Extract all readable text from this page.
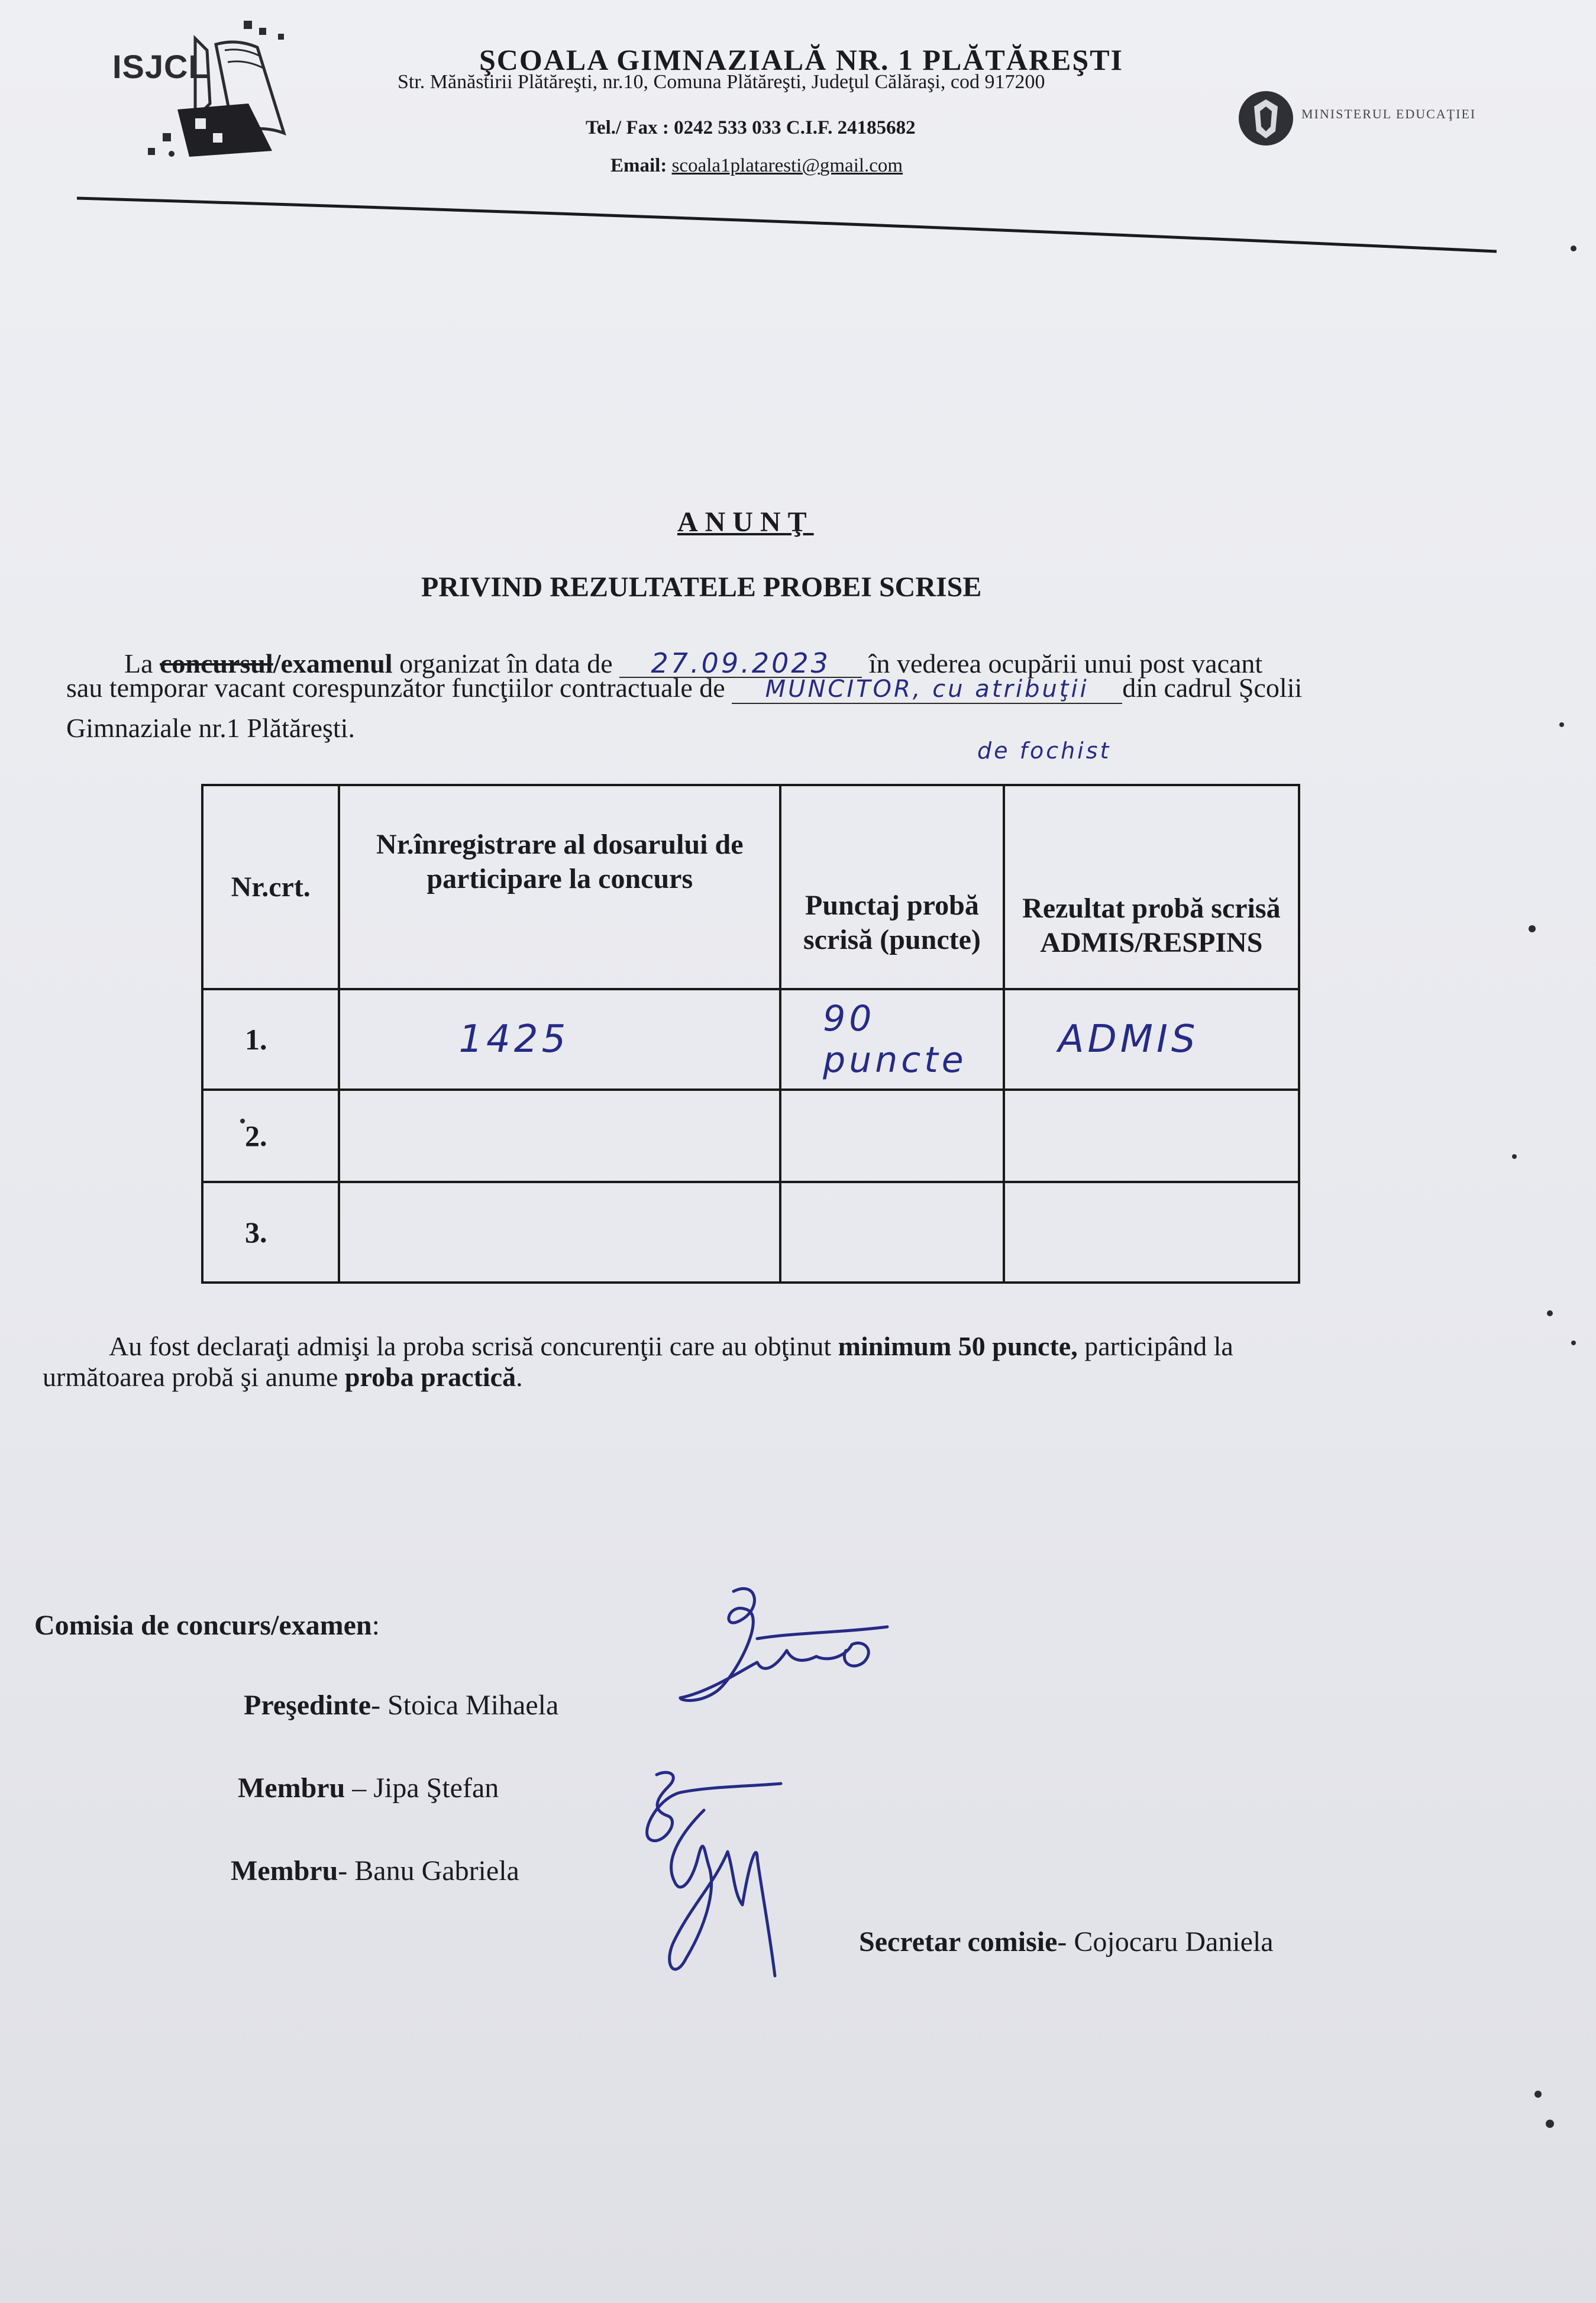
ISJCL	ŞCOALA GIMNAZIALĂ NR. 1 PLĂTĂREŞTI
Str. Mănăstirii Plătăreşti, nr.10, Comuna Plătăreşti, Judeţul Călăraşi, cod 917200
Tel./ Fax : 0242 533 033 C.I.F. 24185682
Email: scoala1plataresti@gmail.com
MINISTERUL EDUCAŢIEI
ANUNŢ
PRIVIND REZULTATELE PROBEI SCRISE
La concursul/examenul organizat în data de 27.09.2023 în vederea ocupării unui post vacant
sau temporar vacant corespunzător funcţiilor contractuale de MUNCITOR, cu atribuţii din cadrul Şcolii
de fochist
Gimnaziale nr.1 Plătăreşti.
Nr.crt.	Nr.înregistrare al dosarului de participare la concurs	Punctaj probă scrisă (puncte)	Rezultat probă scrisă ADMIS/RESPINS
1.	1425	90 puncte	ADMIS
2.			
3.			
Au fost declaraţi admişi la proba scrisă concurenţii care au obţinut minimum 50 puncte, participând la
următoarea probă şi anume proba practică.
Comisia de concurs/examen:
Preşedinte- Stoica Mihaela
Membru – Jipa Ştefan
Membru- Banu Gabriela
Secretar comisie- Cojocaru Daniela
